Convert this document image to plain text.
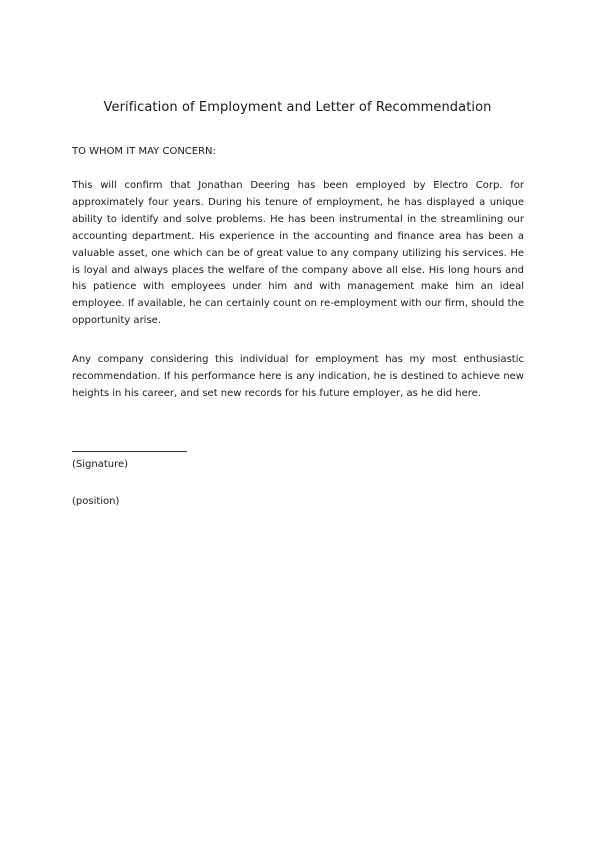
Verification of Employment and Letter of Recommendation
TO WHOM IT MAY CONCERN:

This will confirm that Jonathan Deering has been employed by Electro Corp. for approximately four years. During his tenure of employment, he has displayed a unique ability to identify and solve problems. He has been instrumental in the streamlining our accounting department. His experience in the accounting and finance area has been a valuable asset, one which can be of great value to any company utilizing his services. He is loyal and always places the welfare of the company above all else. His long hours and his patience with employees under him and with management make him an ideal employee. If available, he can certainly count on re-employment with our firm, should the opportunity arise.

Any company considering this individual for employment has my most enthusiastic recommendation. If his performance here is any indication, he is destined to achieve new heights in his career, and set new records for his future employer, as he did here.

(Signature)
(position)
